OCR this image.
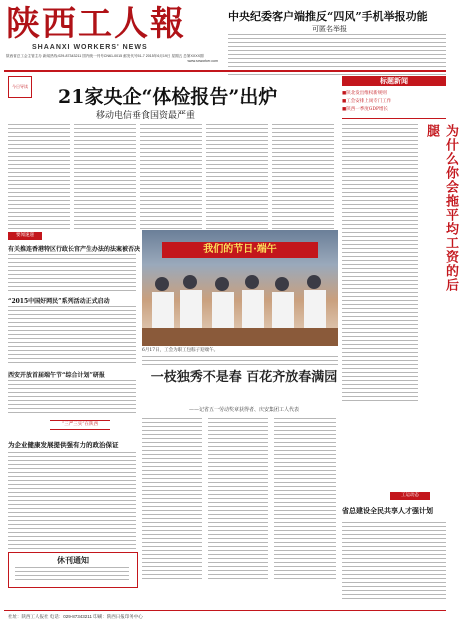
陕西工人報
SHAANXI WORKERS' NEWS
陕西省总工会主管主办 新闻热线:029-87343211 国内统一刊号CN61-0015 邮发代号51-7 2015年6月19日 星期五 总第XXXX期
www.sxworker.com
中央纪委客户端推反“四风”手机举报功能
可匿名举报
今日导读 21家央企“体检报告”出炉
移动电信垂食国资最严重
标题新闻
■陕北发出维权新规则
■工会安排上岗专门工作
■陕西一季度GDP增长
为什么你会拖平均工资的后腿
要闻速递
有关推连香港特区行政长官产生办法的法案被否决
“2015中国好网民”系列活动正式启动
西安开放首届端午节“综合计划”研报
“三严三实”在陕西
为企业健康发展提供强有力的政治保证
休刊通知
我们的节日·端午
6月17日，工会为职工包粽子迎端午。
一枝独秀不是春 百花齐放春满园
——记省五一劳动奖章获得者、庆安集团工人代表
工运动态
省总建设全民共享人才强计划
社址：陕西工人报社 电话：029-87343211 印刷：陕西日报印务中心
